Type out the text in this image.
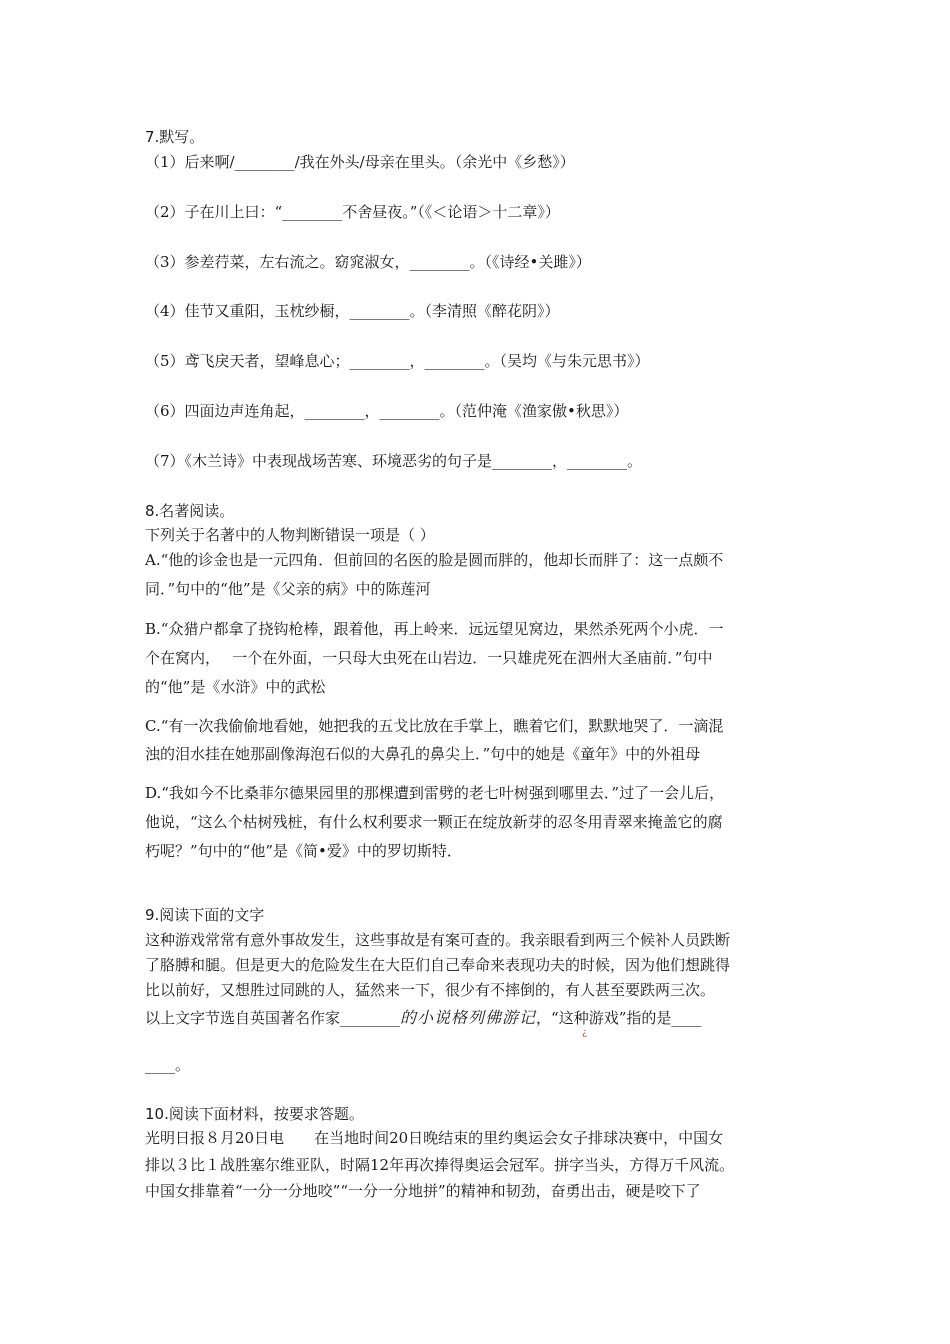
7.默写。
（1）后来啊/________/我在外头/母亲在里头。（余光中《乡愁》）
（2）子在川上曰：“________不舍昼夜。”（《＜论语＞十二章》）
（3）参差荇菜，左右流之。窈窕淑女，________。（《诗经•关雎》）
（4）佳节又重阳，玉枕纱橱，________。（李清照《醉花阴》）
（5）鸢飞戾天者，望峰息心；________，________。（吴均《与朱元思书》）
（6）四面边声连角起，________，________。（范仲淹《渔家傲•秋思》）
（7）《木兰诗》中表现战场苦寒、环境恶劣的句子是________，________。
8.名著阅读。
下列关于名著中的人物判断错误一项是（ ）
A.“他的诊金也是一元四角．但前回的名医的脸是圆而胖的，他却长而胖了：这一点颇不
同．”句中的“他”是《父亲的病》中的陈莲河
B.“众猎户都拿了挠钩枪棒，跟着他，再上岭来．远远望见窝边，果然杀死两个小虎．一
个在窝内，　 一个在外面，一只母大虫死在山岩边．一只雄虎死在泗州大圣庙前．”句中
的“他”是《水浒》中的武松
C.“有一次我偷偷地看她，她把我的五戈比放在手掌上，瞧着它们，默默地哭了．一滴混
浊的泪水挂在她那副像海泡石似的大鼻孔的鼻尖上．”句中的她是《童年》中的外祖母
D.“我如今不比桑菲尔德果园里的那棵遭到雷劈的老七叶树强到哪里去．”过了一会儿后，
他说，“这么个枯树残桩，有什么权利要求一颗正在绽放新芽的忍冬用青翠来掩盖它的腐
朽呢？”句中的“他”是《简•爱》中的罗切斯特．
9.阅读下面的文字
这种游戏常常有意外事故发生，这些事故是有案可查的。我亲眼看到两三个候补人员跌断
了胳膊和腿。但是更大的危险发生在大臣们自己奉命来表现功夫的时候，因为他们想跳得
比以前好，又想胜过同跳的人，猛然来一下，很少有不摔倒的，有人甚至要跌两三次。
以上文字节选自英国著名作家________的小说格列佛游记，“这种游戏”指的是____
¿
____。
10.阅读下面材料，按要求答题。
光明日报８月20日电　　在当地时间20日晚结束的里约奥运会女子排球决赛中，中国女
排以３比１战胜塞尔维亚队，时隔12年再次捧得奥运会冠军。拼字当头，方得万千风流。
中国女排靠着“一分一分地咬”“一分一分地拼”的精神和韧劲，奋勇出击，硬是咬下了
